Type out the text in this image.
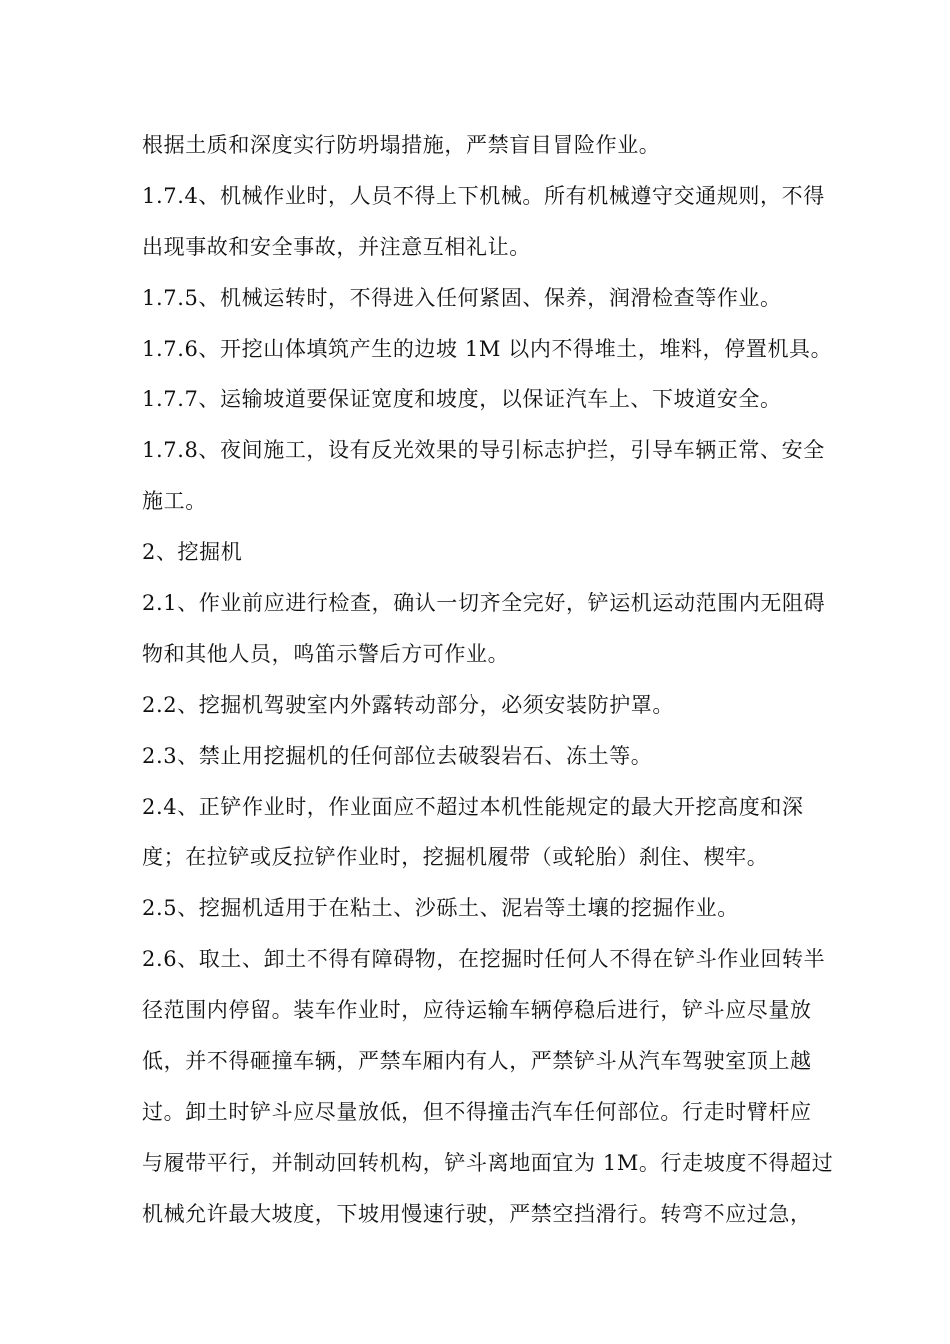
根据土质和深度实行防坍塌措施，严禁盲目冒险作业。
1.7.4、机械作业时，人员不得上下机械。所有机械遵守交通规则，不得
出现事故和安全事故，并注意互相礼让。
1.7.5、机械运转时，不得进入任何紧固、保养，润滑检查等作业。
1.7.6、开挖山体填筑产生的边坡 1M 以内不得堆土，堆料，停置机具。
1.7.7、运输坡道要保证宽度和坡度，以保证汽车上、下坡道安全。
1.7.8、夜间施工，设有反光效果的导引标志护拦，引导车辆正常、安全
施工。
2、挖掘机
2.1、作业前应进行检查，确认一切齐全完好，铲运机运动范围内无阻碍
物和其他人员，鸣笛示警后方可作业。
2.2、挖掘机驾驶室内外露转动部分，必须安装防护罩。
2.3、禁止用挖掘机的任何部位去破裂岩石、冻土等。
2.4、正铲作业时，作业面应不超过本机性能规定的最大开挖高度和深
度；在拉铲或反拉铲作业时，挖掘机履带（或轮胎）刹住、楔牢。
2.5、挖掘机适用于在粘土、沙砾土、泥岩等土壤的挖掘作业。
2.6、取土、卸土不得有障碍物，在挖掘时任何人不得在铲斗作业回转半
径范围内停留。装车作业时，应待运输车辆停稳后进行，铲斗应尽量放
低，并不得砸撞车辆，严禁车厢内有人，严禁铲斗从汽车驾驶室顶上越
过。卸土时铲斗应尽量放低，但不得撞击汽车任何部位。行走时臂杆应
与履带平行，并制动回转机构，铲斗离地面宜为 1M。行走坡度不得超过
机械允许最大坡度，下坡用慢速行驶，严禁空挡滑行。转弯不应过急，
